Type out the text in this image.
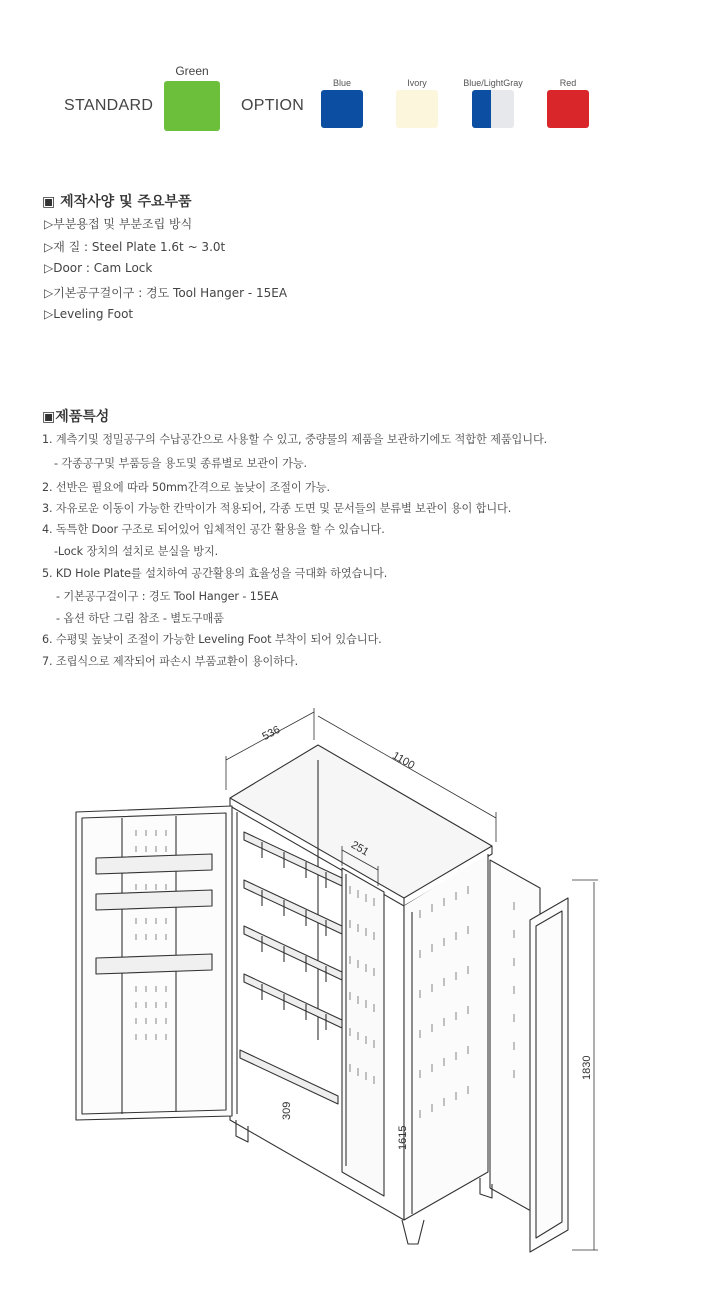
STANDARD
Green
OPTION
Blue	Ivory	Blue/LightGray	Red
▣ 제작사양 및 주요부품
▷부분용접 및 부분조립 방식
▷재 질 : Steel Plate 1.6t ~ 3.0t
▷Door : Cam Lock
▷기본공구걸이구 : 경도 Tool Hanger - 15EA
▷Leveling Foot
▣제품특성
1. 계측기및 정밀공구의 수납공간으로 사용할 수 있고, 중량물의 제품을 보관하기에도 적합한 제품입니다.
- 각종공구및 부품등을 용도및 종류별로 보관이 가능.
2. 선반은 필요에 따라 50mm간격으로 높낮이 조절이 가능.
3. 자유로운 이동이 가능한 칸막이가 적용되어, 각종 도면 및 문서들의 분류별 보관이 용이 합니다.
4. 독특한 Door 구조로 되어있어 입체적인 공간 활용을 할 수 있습니다.
-Lock 장치의 설치로 분실을 방지.
5. KD Hole Plate를 설치하여 공간활용의 효율성을 극대화 하였습니다.
- 기본공구걸이구 : 경도 Tool Hanger - 15EA
- 옵션 하단 그림 참조 - 별도구매품
6. 수평및 높낮이 조절이 가능한 Leveling Foot 부착이 되어 있습니다.
7. 조립식으로 제작되어 파손시 부품교환이 용이하다.
536
1100
251
1830
1615
309
